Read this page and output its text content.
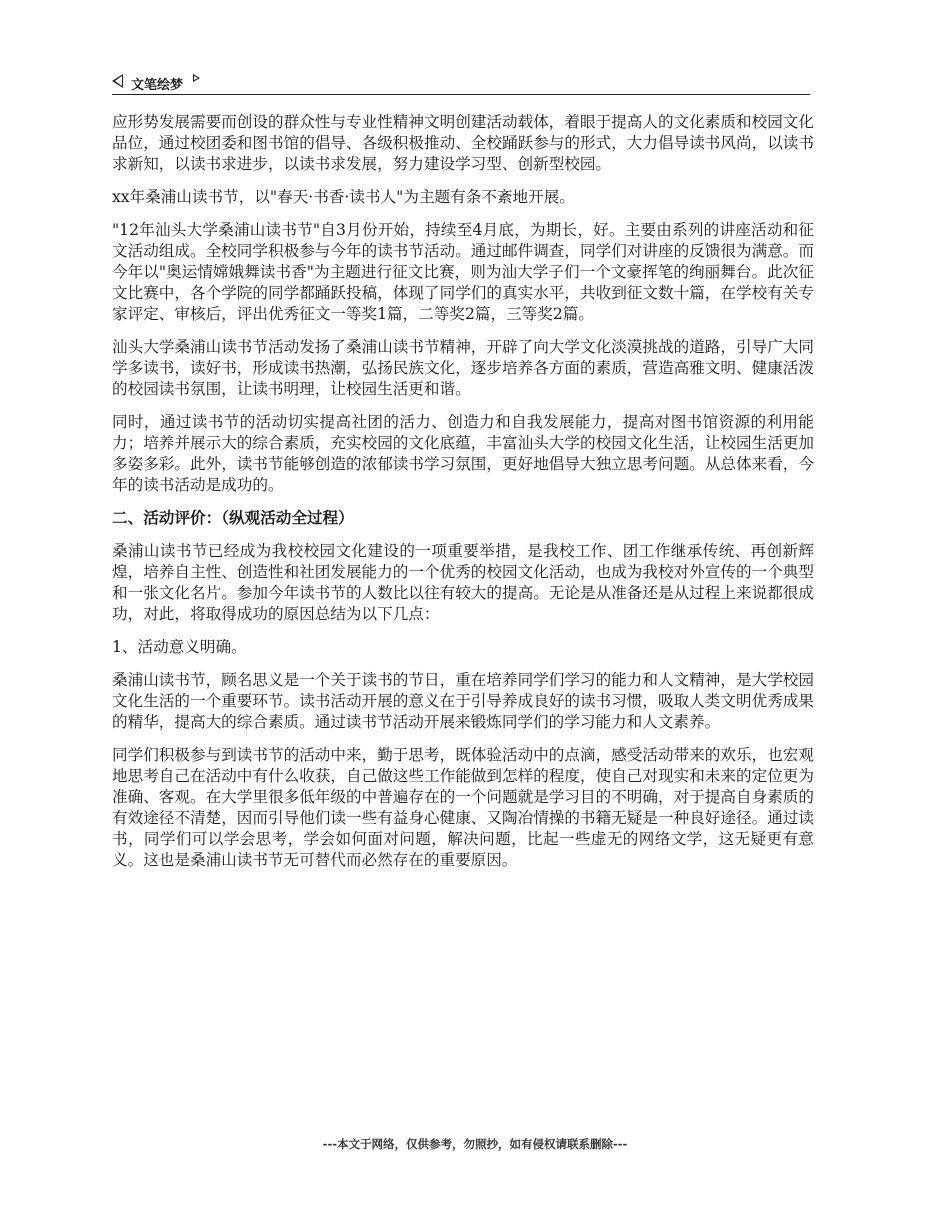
文笔绘梦

应形势发展需要而创设的群众性与专业性精神文明创建活动载体，着眼于提高人的文化素质和校园文化品位，通过校团委和图书馆的倡导、各级积极推动、全校踊跃参与的形式，大力倡导读书风尚，以读书求新知，以读书求进步，以读书求发展，努力建设学习型、创新型校园。

xx年桑浦山读书节，以"春天·书香·读书人"为主题有条不紊地开展。

"12年汕头大学桑浦山读书节"自3月份开始，持续至4月底，为期长，好。主要由系列的讲座活动和征文活动组成。全校同学积极参与今年的读书节活动。通过邮件调查，同学们对讲座的反馈很为满意。而今年以"奥运情嫦娥舞读书香"为主题进行征文比赛，则为汕大学子们一个文豪挥笔的绚丽舞台。此次征文比赛中，各个学院的同学都踊跃投稿，体现了同学们的真实水平，共收到征文数十篇，在学校有关专家评定、审核后，评出优秀征文一等奖1篇，二等奖2篇，三等奖2篇。

汕头大学桑浦山读书节活动发扬了桑浦山读书节精神，开辟了向大学文化淡漠挑战的道路，引导广大同学多读书，读好书，形成读书热潮，弘扬民族文化，逐步培养各方面的素质，营造高雅文明、健康活泼的校园读书氛围，让读书明理，让校园生活更和谐。

同时，通过读书节的活动切实提高社团的活力、创造力和自我发展能力，提高对图书馆资源的利用能力；培养并展示大的综合素质，充实校园的文化底蕴，丰富汕头大学的校园文化生活，让校园生活更加多姿多彩。此外，读书节能够创造的浓郁读书学习氛围，更好地倡导大独立思考问题。从总体来看，今年的读书活动是成功的。

二、活动评价：（纵观活动全过程）

桑浦山读书节已经成为我校校园文化建设的一项重要举措，是我校工作、团工作继承传统、再创新辉煌，培养自主性、创造性和社团发展能力的一个优秀的校园文化活动，也成为我校对外宣传的一个典型和一张文化名片。参加今年读书节的人数比以往有较大的提高。无论是从准备还是从过程上来说都很成功，对此，将取得成功的原因总结为以下几点：

1、活动意义明确。

桑浦山读书节，顾名思义是一个关于读书的节日，重在培养同学们学习的能力和人文精神，是大学校园文化生活的一个重要环节。读书活动开展的意义在于引导养成良好的读书习惯，吸取人类文明优秀成果的精华，提高大的综合素质。通过读书节活动开展来锻炼同学们的学习能力和人文素养。

同学们积极参与到读书节的活动中来，勤于思考，既体验活动中的点滴，感受活动带来的欢乐，也宏观地思考自己在活动中有什么收获，自己做这些工作能做到怎样的程度，使自己对现实和未来的定位更为准确、客观。在大学里很多低年级的中普遍存在的一个问题就是学习目的不明确，对于提高自身素质的有效途径不清楚，因而引导他们读一些有益身心健康、又陶冶情操的书籍无疑是一种良好途径。通过读书，同学们可以学会思考，学会如何面对问题，解决问题，比起一些虚无的网络文学，这无疑更有意义。这也是桑浦山读书节无可替代而必然存在的重要原因。

---本文于网络，仅供参考，勿照抄，如有侵权请联系删除---
